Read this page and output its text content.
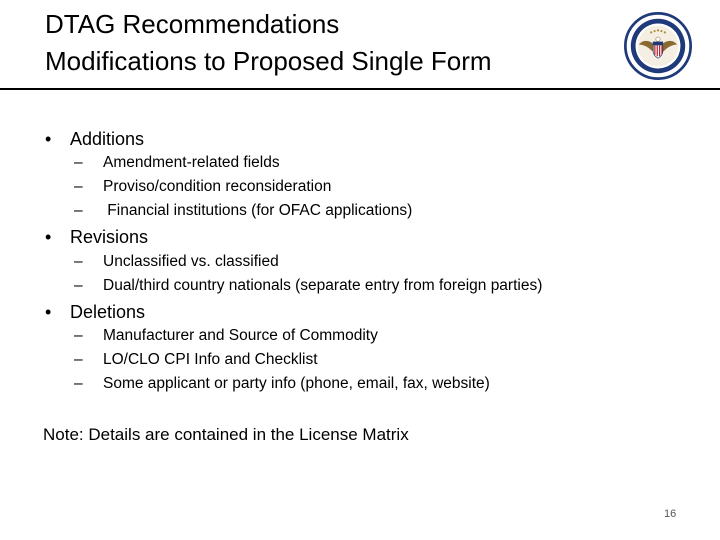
DTAG Recommendations
Modifications to Proposed Single Form
• Additions
– Amendment-related fields
– Proviso/condition reconsideration
– Financial institutions (for OFAC applications)
• Revisions
– Unclassified vs. classified
– Dual/third country nationals (separate entry from foreign parties)
• Deletions
– Manufacturer and Source of Commodity
– LO/CLO CPI Info and Checklist
– Some applicant or party info (phone, email, fax, website)
Note: Details are contained in the License Matrix
16
